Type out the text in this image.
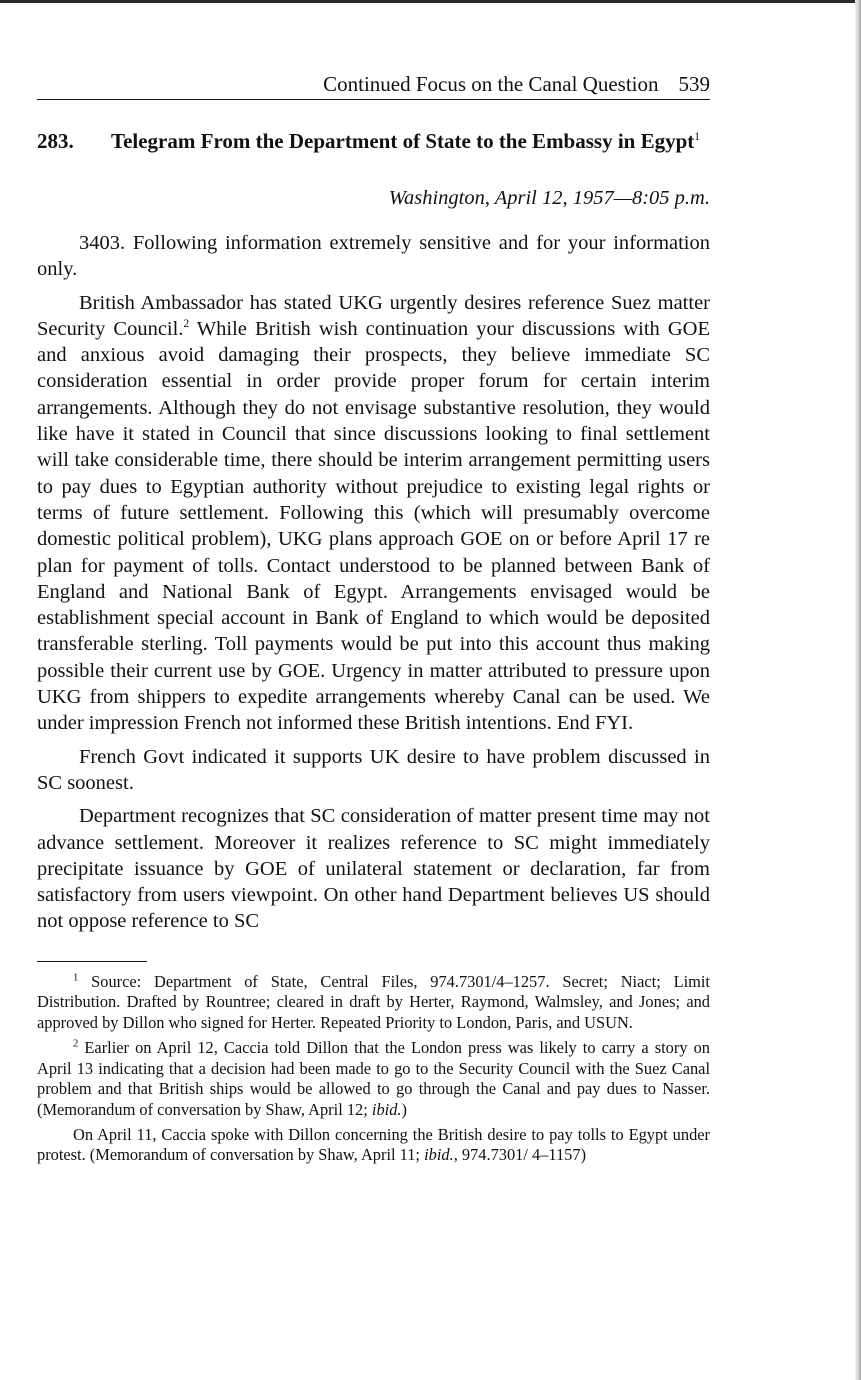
Continued Focus on the Canal Question 539
283.	Telegram From the Department of State to the Embassy in Egypt$^1$
Washington, April 12, 1957—8:05 p.m.

3403. Following information extremely sensitive and for your information only.

British Ambassador has stated UKG urgently desires reference Suez matter Security Council.$^2$ While British wish continuation your discussions with GOE and anxious avoid damaging their prospects, they believe immediate SC consideration essential in order provide proper forum for certain interim arrangements. Although they do not envisage substantive resolution, they would like have it stated in Council that since discussions looking to final settlement will take considerable time, there should be interim arrangement permitting users to pay dues to Egyptian authority without prejudice to existing legal rights or terms of future settlement. Following this (which will presumably overcome domestic political problem), UKG plans approach GOE on or before April 17 re plan for payment of tolls. Contact understood to be planned between Bank of England and National Bank of Egypt. Arrangements envisaged would be establishment special account in Bank of England to which would be deposited transferable sterling. Toll payments would be put into this account thus making possible their current use by GOE. Urgency in matter attributed to pressure upon UKG from shippers to expedite arrangements whereby Canal can be used. We under impression French not informed these British intentions. End FYI.

French Govt indicated it supports UK desire to have problem discussed in SC soonest.

Department recognizes that SC consideration of matter present time may not advance settlement. Moreover it realizes reference to SC might immediately precipitate issuance by GOE of unilateral statement or declaration, far from satisfactory from users viewpoint. On other hand Department believes US should not oppose reference to SC

$^1$ Source: Department of State, Central Files, 974.7301/4–1257. Secret; Niact; Limit Distribution. Drafted by Rountree; cleared in draft by Herter, Raymond, Walmsley, and Jones; and approved by Dillon who signed for Herter. Repeated Priority to London, Paris, and USUN.

$^2$ Earlier on April 12, Caccia told Dillon that the London press was likely to carry a story on April 13 indicating that a decision had been made to go to the Security Council with the Suez Canal problem and that British ships would be allowed to go through the Canal and pay dues to Nasser. (Memorandum of conversation by Shaw, April 12; ibid.)

On April 11, Caccia spoke with Dillon concerning the British desire to pay tolls to Egypt under protest. (Memorandum of conversation by Shaw, April 11; ibid., 974.7301/ 4–1157)
